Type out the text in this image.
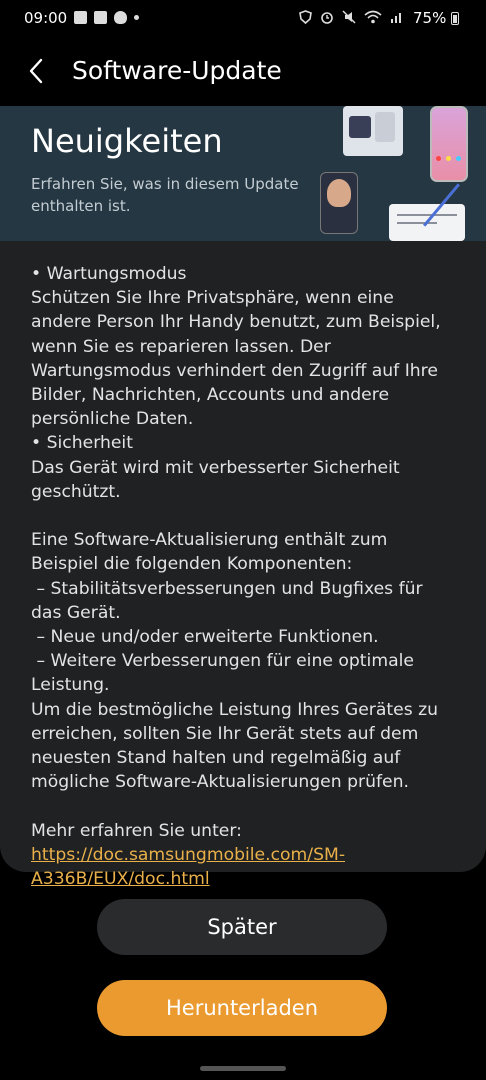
09:00	75%
Software-Update
Neuigkeiten
Erfahren Sie, was in diesem Update enthalten ist.
• Wartungsmodus
Schützen Sie Ihre Privatsphäre, wenn eine andere Person Ihr Handy benutzt, zum Beispiel, wenn Sie es reparieren lassen. Der Wartungsmodus verhindert den Zugriff auf Ihre Bilder, Nachrichten, Accounts und andere persönliche Daten.
• Sicherheit
Das Gerät wird mit verbesserter Sicherheit geschützt.

Eine Software-Aktualisierung enthält zum Beispiel die folgenden Komponenten:
– Stabilitätsverbesserungen und Bugfixes für das Gerät.
– Neue und/oder erweiterte Funktionen.
– Weitere Verbesserungen für eine optimale Leistung.
Um die bestmögliche Leistung Ihres Gerätes zu erreichen, sollten Sie Ihr Gerät stets auf dem neuesten Stand halten und regelmäßig auf mögliche Software-Aktualisierungen prüfen.

Mehr erfahren Sie unter:
https://doc.samsungmobile.com/SM-A336B/EUX/doc.html
Später
Herunterladen
